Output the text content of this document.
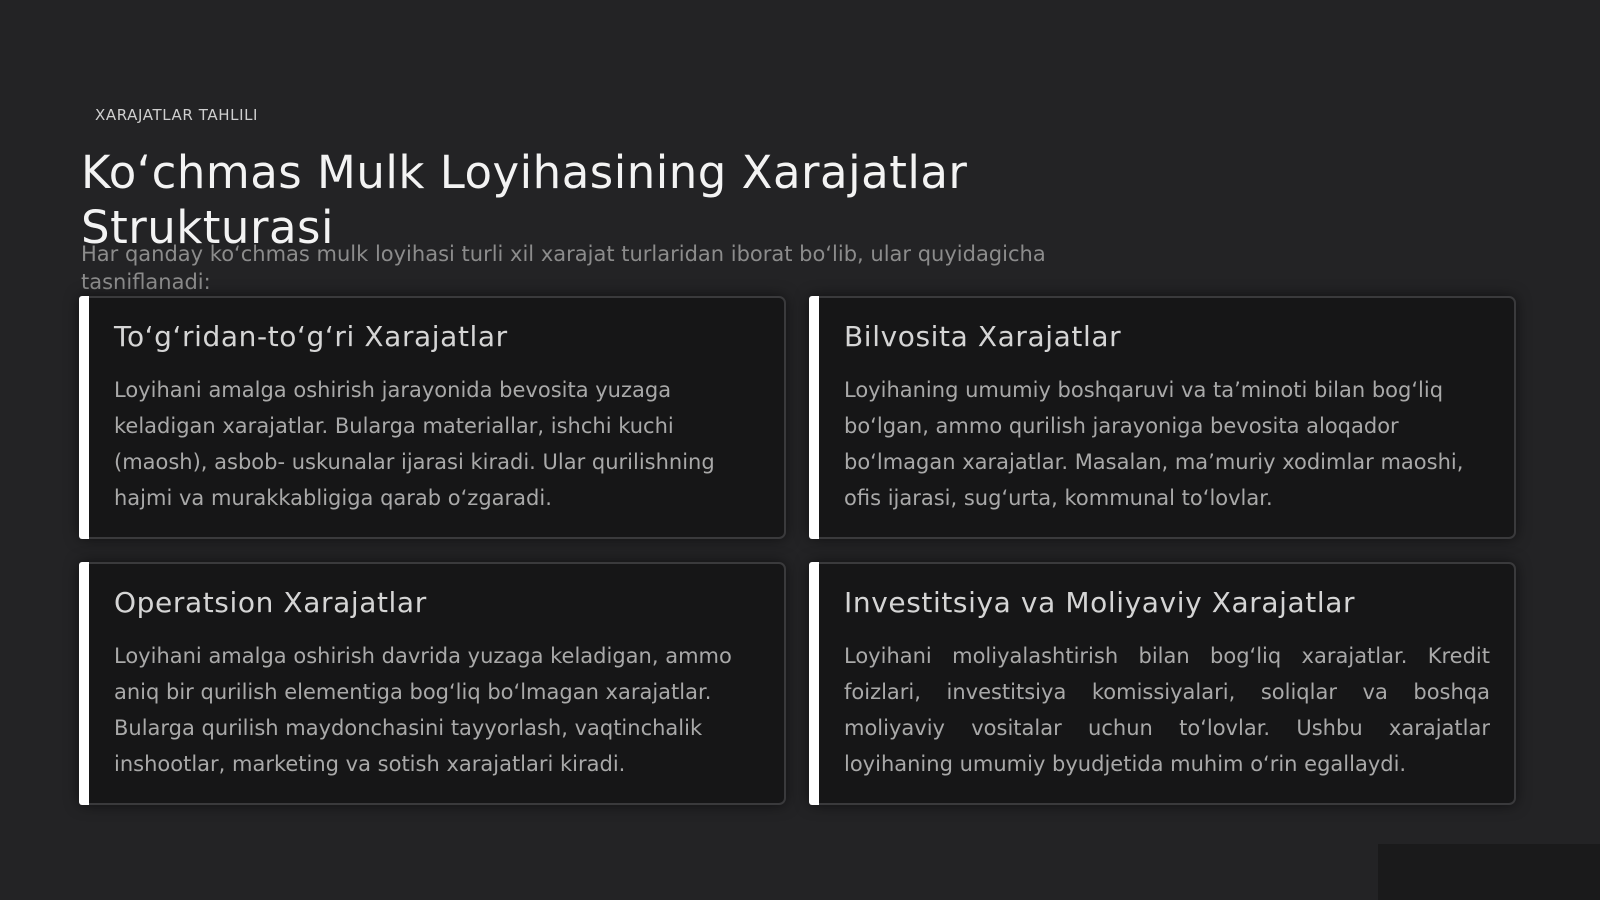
XARAJATLAR TAHLILI
Ko‘chmas Mulk Loyihasining Xarajatlar Strukturasi

Har qanday ko‘chmas mulk loyihasi turli xil xarajat turlaridan iborat bo‘lib, ular quyidagicha tasniflanadi:

To‘g‘ridan-to‘g‘ri Xarajatlar

Loyihani amalga oshirish jarayonida bevosita yuzaga keladigan xarajatlar. Bularga materiallar, ishchi kuchi (maosh), asbob- uskunalar ijarasi kiradi. Ular qurilishning hajmi va murakkabligiga qarab o‘zgaradi.

Bilvosita Xarajatlar

Loyihaning umumiy boshqaruvi va ta’minoti bilan bog‘liq bo‘lgan, ammo qurilish jarayoniga bevosita aloqador bo‘lmagan xarajatlar. Masalan, ma’muriy xodimlar maoshi, ofis ijarasi, sug‘urta, kommunal to‘lovlar.

Operatsion Xarajatlar

Loyihani amalga oshirish davrida yuzaga keladigan, ammo aniq bir qurilish elementiga bog‘liq bo‘lmagan xarajatlar. Bularga qurilish maydonchasini tayyorlash, vaqtinchalik inshootlar, marketing va sotish xarajatlari kiradi.

Investitsiya va Moliyaviy Xarajatlar

Loyihani moliyalashtirish bilan bog‘liq xarajatlar. Kredit foizlari, investitsiya komissiyalari, soliqlar va boshqa moliyaviy vositalar uchun to‘lovlar. Ushbu xarajatlar loyihaning umumiy byudjetida muhim o‘rin egallaydi.
